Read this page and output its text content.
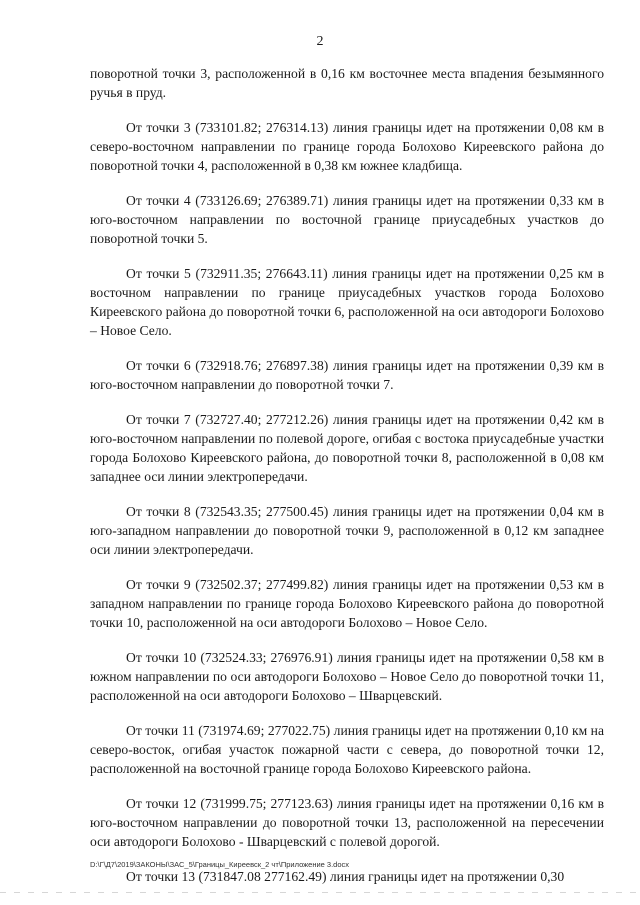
2

поворотной точки 3, расположенной в 0,16 км восточнее места впадения безымянного ручья в пруд.

От точки 3 (733101.82; 276314.13) линия границы идет на протяжении 0,08 км в северо-восточном направлении по границе города Болохово Киреевского района до поворотной точки 4, расположенной в 0,38 км южнее кладбища.

От точки 4 (733126.69; 276389.71) линия границы идет на протяжении 0,33 км в юго-восточном направлении по восточной границе приусадебных участков до поворотной точки 5.

От точки 5 (732911.35; 276643.11) линия границы идет на протяжении 0,25 км в восточном направлении по границе приусадебных участков города Болохово Киреевского района до поворотной точки 6, расположенной на оси автодороги Болохово – Новое Село.

От точки 6 (732918.76; 276897.38) линия границы идет на протяжении 0,39 км в юго-восточном направлении до поворотной точки 7.

От точки 7 (732727.40; 277212.26) линия границы идет на протяжении 0,42 км в юго-восточном направлении по полевой дороге, огибая с востока приусадебные участки города Болохово Киреевского района, до поворотной точки 8, расположенной в 0,08 км западнее оси линии электропередачи.

От точки 8 (732543.35; 277500.45) линия границы идет на протяжении 0,04 км в юго-западном направлении до поворотной точки 9, расположенной в 0,12 км западнее оси линии электропередачи.

От точки 9 (732502.37; 277499.82) линия границы идет на протяжении 0,53 км в западном направлении по границе города Болохово Киреевского района до поворотной точки 10, расположенной на оси автодороги Болохово – Новое Село.

От точки 10 (732524.33; 276976.91) линия границы идет на протяжении 0,58 км в южном направлении по оси автодороги Болохово – Новое Село до поворотной точки 11, расположенной на оси автодороги Болохово – Шварцевский.

От точки 11 (731974.69; 277022.75) линия границы идет на протяжении 0,10 км на северо-восток, огибая участок пожарной части с севера, до поворотной точки 12, расположенной на восточной границе города Болохово Киреевского района.

От точки 12 (731999.75; 277123.63) линия границы идет на протяжении 0,16 км в юго-восточном направлении до поворотной точки 13, расположенной на пересечении оси автодороги Болохово - Шварцевский с полевой дорогой.

От точки 13 (731847.08 277162.49) линия границы идет на протяжении 0,30

D:\Г\Д7\2019\ЗАКОНЫ\ЗАС_5\Границы_Киреевск_2 чт\Приложение 3.docx
